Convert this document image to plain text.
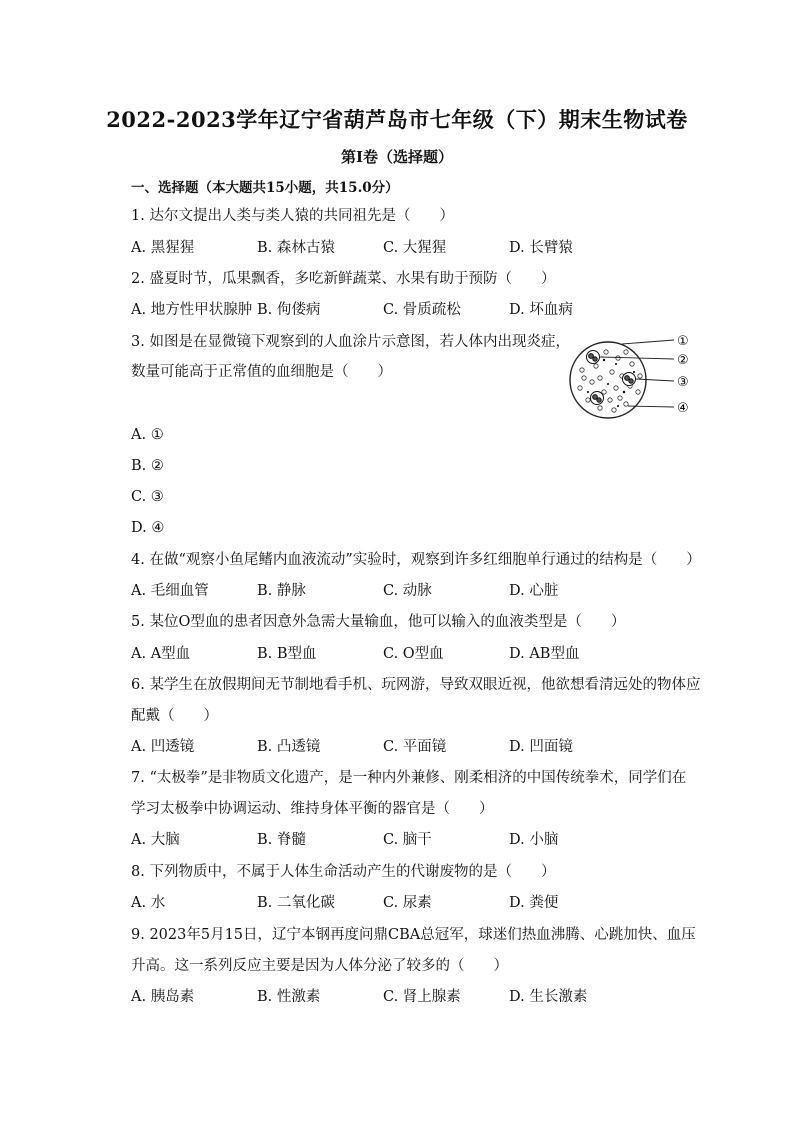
2022-2023学年辽宁省葫芦岛市七年级（下）期末生物试卷
第I卷（选择题）
一、选择题（本大题共15小题，共15.0分）
1. 达尔文提出人类与类人猿的共同祖先是（　　）
A. 黑猩猩	B. 森林古猿	C. 大猩猩	D. 长臂猿
2. 盛夏时节，瓜果飘香，多吃新鲜蔬菜、水果有助于预防（　　）
A. 地方性甲状腺肿 B. 佝偻病	C. 骨质疏松	D. 坏血病
3. 如图是在显微镜下观察到的人血涂片示意图，若人体内出现炎症，
数量可能高于正常值的血细胞是（　　）
①
②
③
④
A. ①
B. ②
C. ③
D. ④
4. 在做“观察小鱼尾鳍内血液流动”实验时，观察到许多红细胞单行通过的结构是（　　）
A. 毛细血管	B. 静脉	C. 动脉	D. 心脏
5. 某位O型血的患者因意外急需大量输血，他可以输入的血液类型是（　　）
A. A型血	B. B型血	C. O型血	D. AB型血
6. 某学生在放假期间无节制地看手机、玩网游，导致双眼近视，他欲想看清远处的物体应
配戴（　　）
A. 凹透镜	B. 凸透镜	C. 平面镜	D. 凹面镜
7. “太极拳”是非物质文化遗产，是一种内外兼修、刚柔相济的中国传统拳术，同学们在
学习太极拳中协调运动、维持身体平衡的器官是（　　）
A. 大脑	B. 脊髓	C. 脑干	D. 小脑
8. 下列物质中，不属于人体生命活动产生的代谢废物的是（　　）
A. 水	B. 二氧化碳	C. 尿素	D. 粪便
9. 2023年5月15日，辽宁本钢再度问鼎CBA总冠军，球迷们热血沸腾、心跳加快、血压
升高。这一系列反应主要是因为人体分泌了较多的（　　）
A. 胰岛素	B. 性激素	C. 肾上腺素	D. 生长激素
